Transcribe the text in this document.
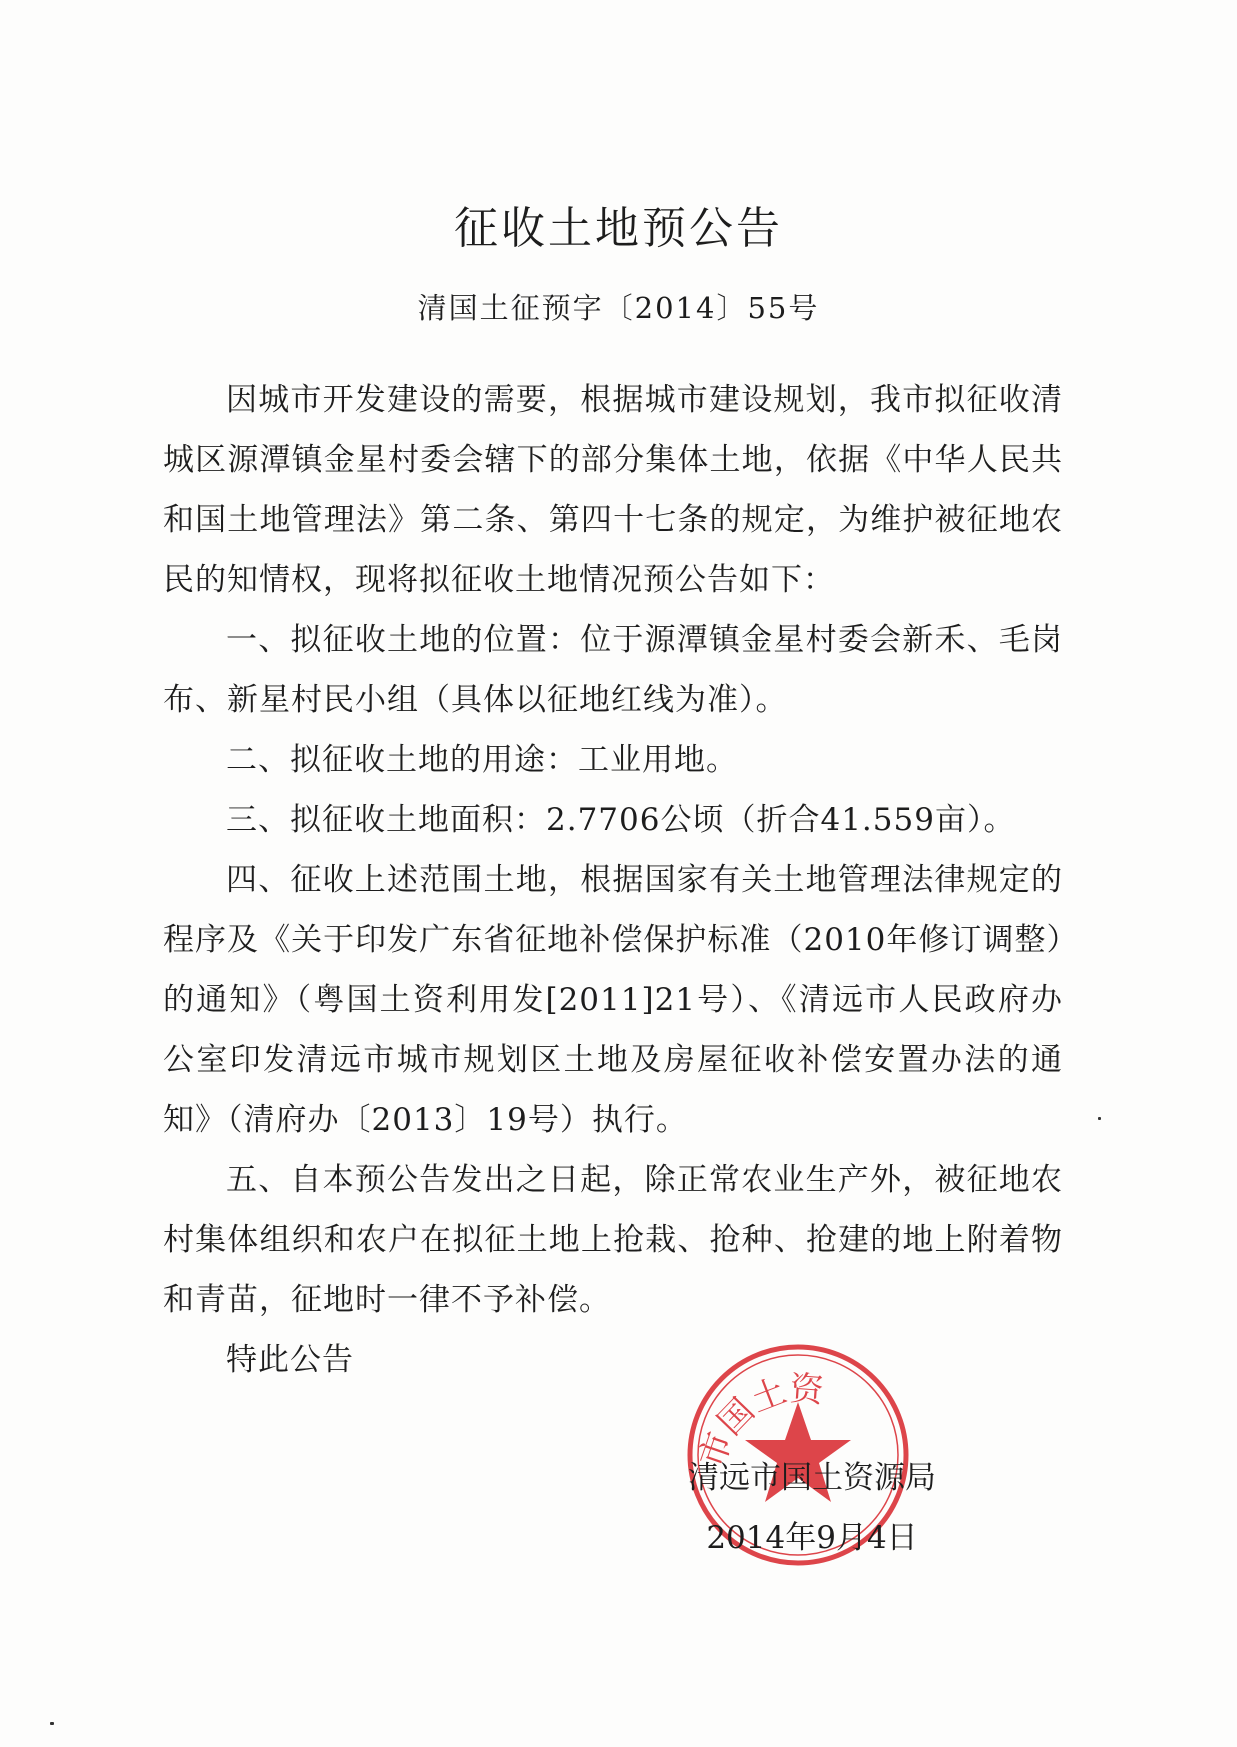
征收土地预公告
清国土征预字〔2014〕55号

因城市开发建设的需要，根据城市建设规划，我市拟征收清城区源潭镇金星村委会辖下的部分集体土地，依据《中华人民共和国土地管理法》第二条、第四十七条的规定，为维护被征地农民的知情权，现将拟征收土地情况预公告如下：

一、拟征收土地的位置：位于源潭镇金星村委会新禾、毛岗布、新星村民小组（具体以征地红线为准）。

二、拟征收土地的用途：工业用地。

三、拟征收土地面积：2.7706公顷（折合41.559亩）。

四、征收上述范围土地，根据国家有关土地管理法律规定的程序及《关于印发广东省征地补偿保护标准（2010年修订调整）的通知》（粤国土资利用发[2011]21号）、《清远市人民政府办公室印发清远市城市规划区土地及房屋征收补偿安置办法的通知》（清府办〔2013〕19号）执行。

五、自本预公告发出之日起，除正常农业生产外，被征地农村集体组织和农户在拟征土地上抢栽、抢种、抢建的地上附着物和青苗，征地时一律不予补偿。

特此公告

市国土资
清远市国土资源局
2014年9月4日
